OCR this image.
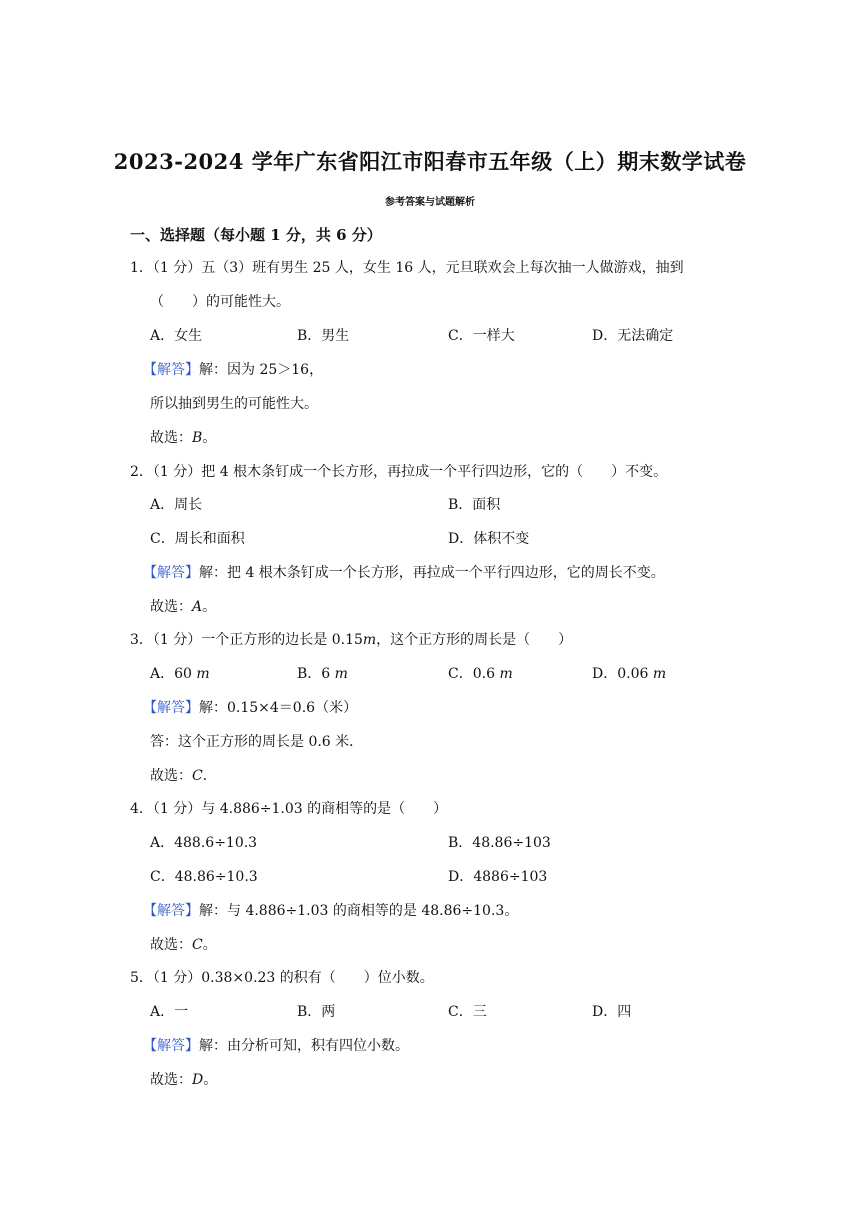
2023-2024 学年广东省阳江市阳春市五年级（上）期末数学试卷
参考答案与试题解析
一、选择题（每小题 1 分，共 6 分）
1．（1 分）五（3）班有男生 25 人，女生 16 人，元旦联欢会上每次抽一人做游戏，抽到
（　　）的可能性大。
A．女生	B．男生	C．一样大	D．无法确定
【解答】解：因为 25＞16，
所以抽到男生的可能性大。
故选：B。
2．（1 分）把 4 根木条钉成一个长方形，再拉成一个平行四边形，它的（　　）不变。
A．周长	B．面积
C．周长和面积	D．体积不变
【解答】解：把 4 根木条钉成一个长方形，再拉成一个平行四边形，它的周长不变。
故选：A。
3．（1 分）一个正方形的边长是 0.15m，这个正方形的周长是（　　）
A．60 m	B．6 m	C．0.6 m	D．0.06 m
【解答】解：0.15×4＝0.6（米）
答：这个正方形的周长是 0.6 米．
故选：C．
4．（1 分）与 4.886÷1.03 的商相等的是（　　）
A．488.6÷10.3	B．48.86÷103
C．48.86÷10.3	D．4886÷103
【解答】解：与 4.886÷1.03 的商相等的是 48.86÷10.3。
故选：C。
5．（1 分）0.38×0.23 的积有（　　）位小数。
A．一	B．两	C．三	D．四
【解答】解：由分析可知，积有四位小数。
故选：D。
